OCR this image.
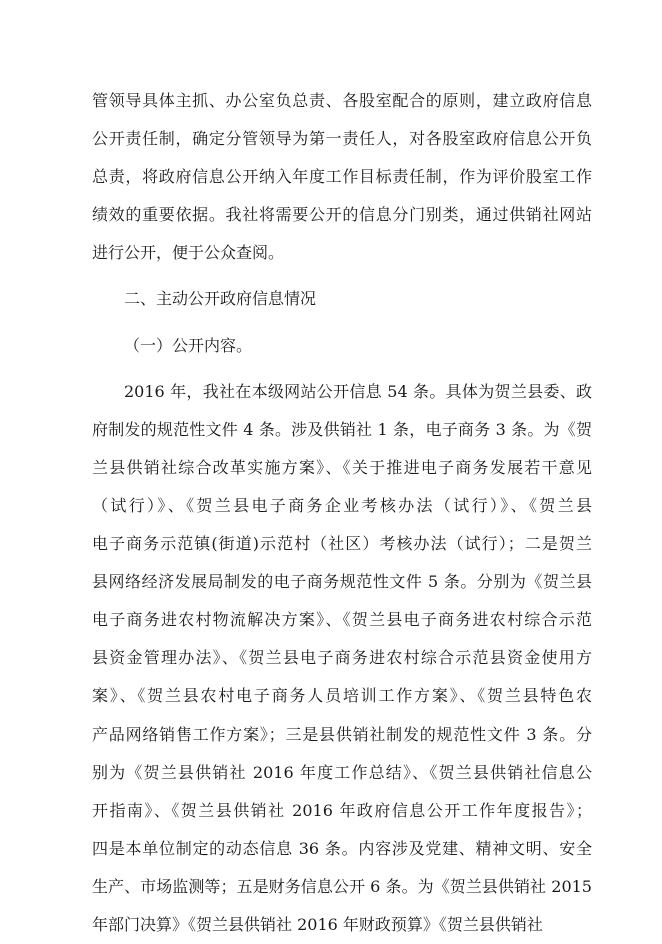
管领导具体主抓、办公室负总责、各股室配合的原则，建立政府信息
公开责任制，确定分管领导为第一责任人，对各股室政府信息公开负
总责，将政府信息公开纳入年度工作目标责任制，作为评价股室工作
绩效的重要依据。我社将需要公开的信息分门别类，通过供销社网站
进行公开，便于公众查阅。
二、主动公开政府信息情况
（一）公开内容。
2016 年，我社在本级网站公开信息 54 条。具体为贺兰县委、政
府制发的规范性文件 4 条。涉及供销社 1 条，电子商务 3 条。为《贺
兰县供销社综合改革实施方案》、《关于推进电子商务发展若干意见
（试行）》、《贺兰县电子商务企业考核办法（试行）》、《贺兰县
电子商务示范镇(街道)示范村（社区）考核办法（试行）；二是贺兰
县网络经济发展局制发的电子商务规范性文件 5 条。分别为《贺兰县
电子商务进农村物流解决方案》、《贺兰县电子商务进农村综合示范
县资金管理办法》、《贺兰县电子商务进农村综合示范县资金使用方
案》、《贺兰县农村电子商务人员培训工作方案》、《贺兰县特色农
产品网络销售工作方案》；三是县供销社制发的规范性文件 3 条。分
别为《贺兰县供销社 2016 年度工作总结》、《贺兰县供销社信息公
开指南》、《贺兰县供销社 2016 年政府信息公开工作年度报告》；
四是本单位制定的动态信息 36 条。内容涉及党建、精神文明、安全
生产、市场监测等；五是财务信息公开 6 条。为《贺兰县供销社 2015
年部门决算》《贺兰县供销社 2016 年财政预算》《贺兰县供销社
